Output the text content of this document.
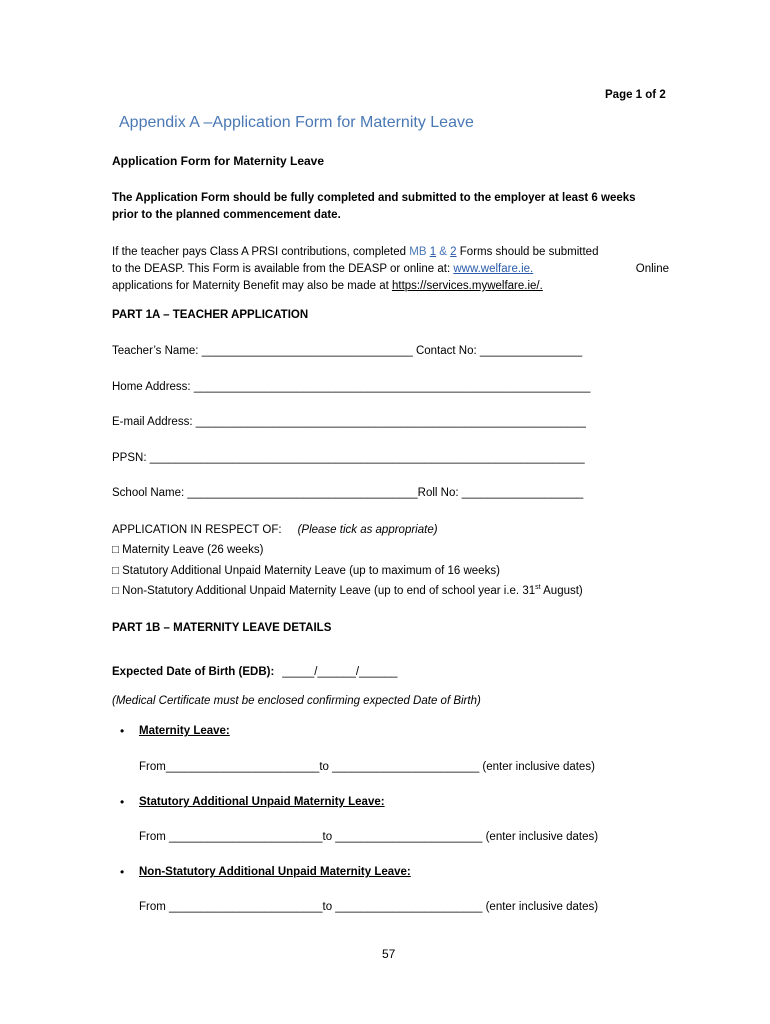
Page 1 of 2
Appendix A –Application Form for Maternity Leave
Application Form for Maternity Leave
The Application Form should be fully completed and submitted to the employer at least 6 weeks
prior to the planned commencement date.
If the teacher pays Class A PRSI contributions, completed MB 1 & 2 Forms should be submitted
to the DEASP. This Form is available from the DEASP or online at: www.welfare.ie.	Online
applications for Maternity Benefit may also be made at https://services.mywelfare.ie/.
PART 1A – TEACHER APPLICATION
Teacher’s Name: _________________________________ Contact No: ________________
Home Address: ______________________________________________________________
E-mail Address: _____________________________________________________________
PPSN: ____________________________________________________________________
School Name: ____________________________________Roll No: ___________________
APPLICATION IN RESPECT OF: (Please tick as appropriate)
□ Maternity Leave (26 weeks)
□ Statutory Additional Unpaid Maternity Leave (up to maximum of 16 weeks)
□ Non-Statutory Additional Unpaid Maternity Leave (up to end of school year i.e. 31st August)
PART 1B – MATERNITY LEAVE DETAILS
Expected Date of Birth (EDB): _____/______/______
(Medical Certificate must be enclosed confirming expected Date of Birth)
• Maternity Leave:
From________________________to _______________________ (enter inclusive dates)
• Statutory Additional Unpaid Maternity Leave:
From ________________________to _______________________ (enter inclusive dates)
• Non-Statutory Additional Unpaid Maternity Leave:
From ________________________to _______________________ (enter inclusive dates)
57
